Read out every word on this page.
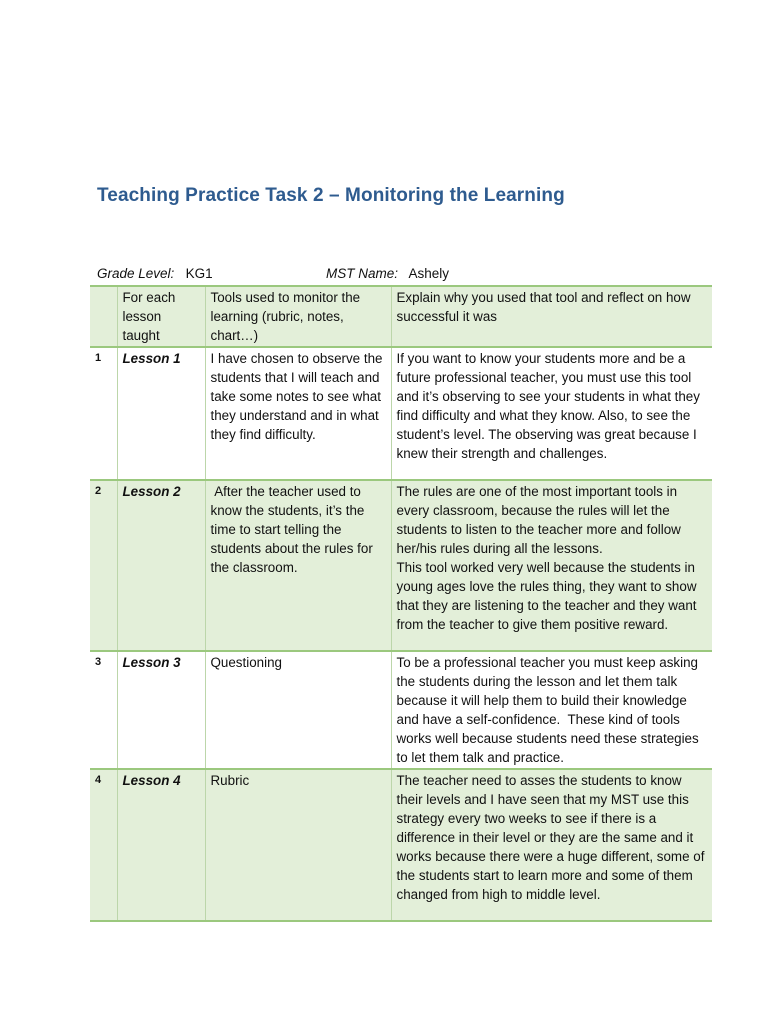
Teaching Practice Task 2 – Monitoring the Learning
Grade Level: KG1	MST Name: Ashely
	For each lesson taught	Tools used to monitor the learning (rubric, notes, chart…)	Explain why you used that tool and reflect on how successful it was
1	Lesson 1	I have chosen to observe the students that I will teach and take some notes to see what they understand and in what they find difficulty.	If you want to know your students more and be a future professional teacher, you must use this tool and it’s observing to see your students in what they find difficulty and what they know. Also, to see the student’s level. The observing was great because I knew their strength and challenges.
2	Lesson 2	After the teacher used to know the students, it’s the time to start telling the students about the rules for the classroom.	The rules are one of the most important tools in every classroom, because the rules will let the students to listen to the teacher more and follow her/his rules during all the lessons.
This tool worked very well because the students in young ages love the rules thing, they want to show that they are listening to the teacher and they want from the teacher to give them positive reward.
3	Lesson 3	Questioning	To be a professional teacher you must keep asking the students during the lesson and let them talk because it will help them to build their knowledge and have a self-confidence.  These kind of tools works well because students need these strategies to let them talk and practice.
4	Lesson 4	Rubric	The teacher need to asses the students to know their levels and I have seen that my MST use this strategy every two weeks to see if there is a difference in their level or they are the same and it works because there were a huge different, some of the students start to learn more and some of them changed from high to middle level.
